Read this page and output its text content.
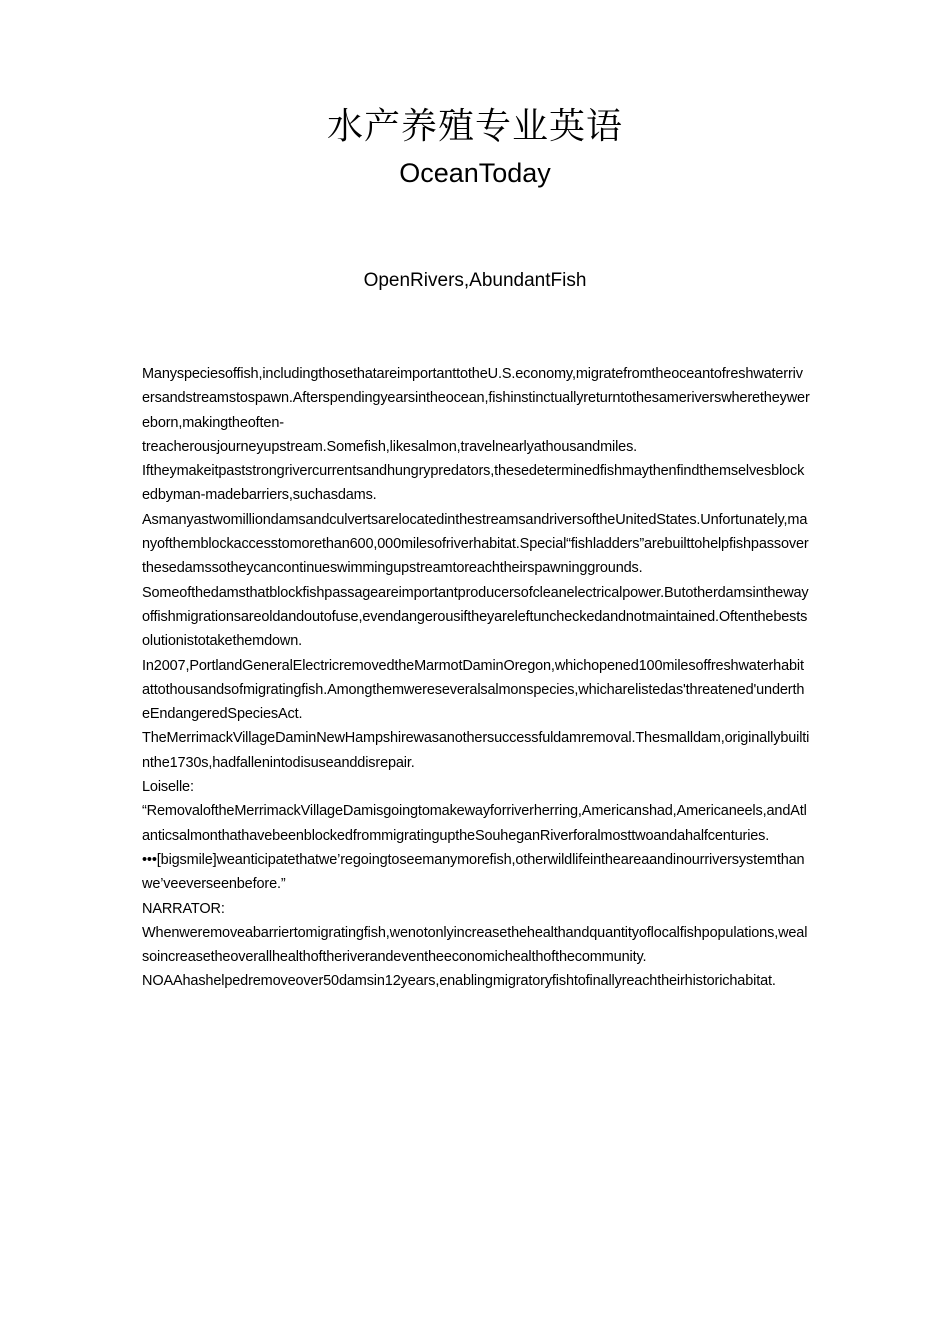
水产养殖专业英语
OceanToday
OpenRivers,AbundantFish

Manyspeciesoffish,includingthosethatareimportanttotheU.S.economy,migratefromtheoceantofreshwaterriversandstreamstospawn.Afterspendingyearsintheocean,fishinstinctuallyreturntothesameriverswheretheywereborn,makingtheoften-

treacherousjourneyupstream.Somefish,likesalmon,travelnearlyathousandmiles.

Iftheymakeitpaststrongrivercurrentsandhungrypredators,thesedeterminedfishmaythenfindthemselvesblockedbyman-madebarriers,suchasdams.

AsmanyastwomilliondamsandculvertsarelocatedinthestreamsandriversoftheUnitedStates.Unfortunately,manyofthemblockaccesstomorethan600,000milesofriverhabitat.Special“fishladders”arebuilttohelpfishpassoverthesedamssotheycancontinueswimmingupstreamtoreachtheirspawninggrounds.

Someofthedamsthatblockfishpassageareimportantproducersofcleanelectricalpower.Butotherdamsinthewayoffishmigrationsareoldandoutofuse,evendangerousiftheyareleftuncheckedandnotmaintained.Oftenthebestsolutionistotakethemdown.

In2007,PortlandGeneralElectricremovedtheMarmotDaminOregon,whichopened100milesoffreshwaterhabitattothousandsofmigratingfish.Amongthemwereseveralsalmonspecies,whicharelistedas'threatened'undertheEndangeredSpeciesAct.

TheMerrimackVillageDaminNewHampshirewasanothersuccessfuldamremoval.Thesmalldam,originallybuiltinthe1730s,hadfallenintodisuseanddisrepair.

Loiselle:

“RemovaloftheMerrimackVillageDamisgoingtomakewayforriverherring,Americanshad,Americaneels,andAtlanticsalmonthathavebeenblockedfrommigratinguptheSouheganRiverforalmosttwoandahalfcenturies.

•••[bigsmile]weanticipatethatwe’regoingtoseemanymorefish,otherwildlifeintheareaandinourriversystemthanwe’veeverseenbefore.”

NARRATOR:

Whenweremoveabarriertomigratingfish,wenotonlyincreasethehealthandquantityoflocalfishpopulations,wealsoincreasetheoverallhealthoftheriverandeventheeconomichealthofthecommunity.

NOAAhashelpedremoveover50damsin12years,enablingmigratoryfishtofinallyreachtheirhistorichabitat.
